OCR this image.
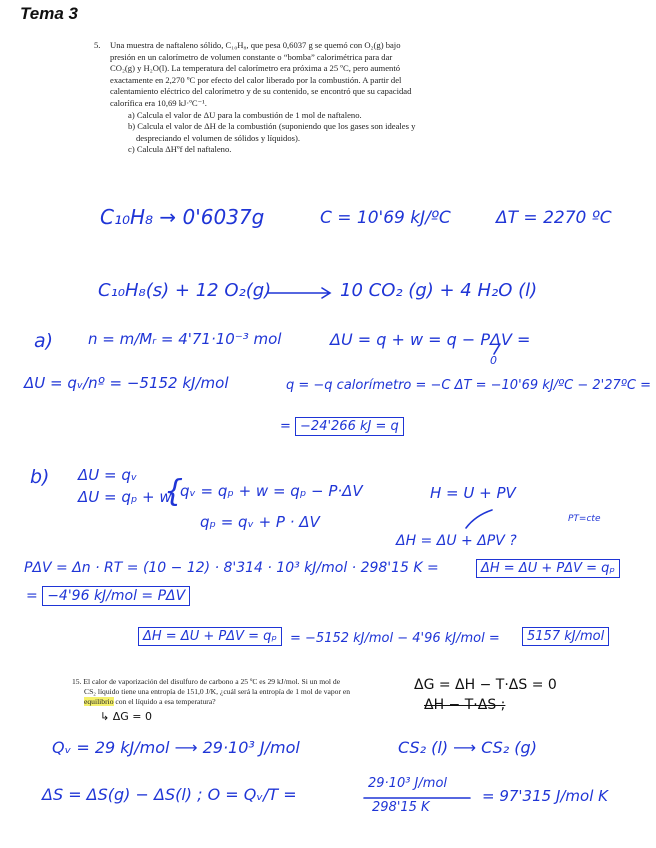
Tema 3
5. Una muestra de naftaleno sólido, C₁₀H₈, que pesa 0,6037 g se quemó con O₂(g) bajo
presión en un calorímetro de volumen constante o “bomba” calorimétrica para dar
CO₂(g) y H₂O(l). La temperatura del calorímetro era próxima a 25 ºC, pero aumentó
exactamente en 2,270 ºC por efecto del calor liberado por la combustión. A partir del
calentamiento eléctrico del calorímetro y de su contenido, se encontró que su capacidad
calorífica era 10,69 kJ·ºC⁻¹.
a) Calcula el valor de ΔU para la combustión de 1 mol de naftaleno.
b) Calcula el valor de ΔH de la combustión (suponiendo que los gases son ideales y
despreciando el volumen de sólidos y líquidos).
c) Calcula ΔHºf del naftaleno.
C₁₀H₈ → 0'6037g	C = 10'69 kJ/ºC	ΔT = 2270 ºC
C₁₀H₈(s) + 12 O₂(g)	10 CO₂ (g) + 4 H₂O (l)
a) n = m/Mᵣ = 4'71·10⁻³ mol	ΔU = q + w = q − PΔV =
0
ΔU = qᵥ/nº = −5152 kJ/mol	q = −q calorímetro = −C ΔT = −10'69 kJ/ºC − 2'27ºC =
= −24'266 kJ = q
b) ΔU = qᵥ
ΔU = qₚ + w
{
qᵥ = qₚ + w = qₚ − P·ΔV
qₚ = qᵥ + P · ΔV
H = U + PV
PT=cte
ΔH = ΔU + ΔPV ?
PΔV = Δn · RT = (10 − 12) · 8'314 · 10³ kJ/mol · 298'15 K =	ΔH = ΔU + PΔV = qₚ
= −4'96 kJ/mol = PΔV
ΔH = ΔU + PΔV = qₚ	= −5152 kJ/mol − 4'96 kJ/mol =	5157 kJ/mol
15. El calor de vaporización del disulfuro de carbono a 25 ºC es 29 kJ/mol. Si un mol de
CS₂ líquido tiene una entropía de 151,0 J/K, ¿cuál será la entropía de 1 mol de vapor en
equilibrio con el líquido a esa temperatura?
↳ ΔG = 0
ΔG = ΔH − T·ΔS = 0
ΔH − T·ΔS ;
Qᵥ = 29 kJ/mol ⟶ 29·10³ J/mol	CS₂ (l) ⟶ CS₂ (g)
ΔS = ΔS(g) − ΔS(l) ; O = Qᵥ/T =
29·10³ J/mol
298'15 K
= 97'315 J/mol K
